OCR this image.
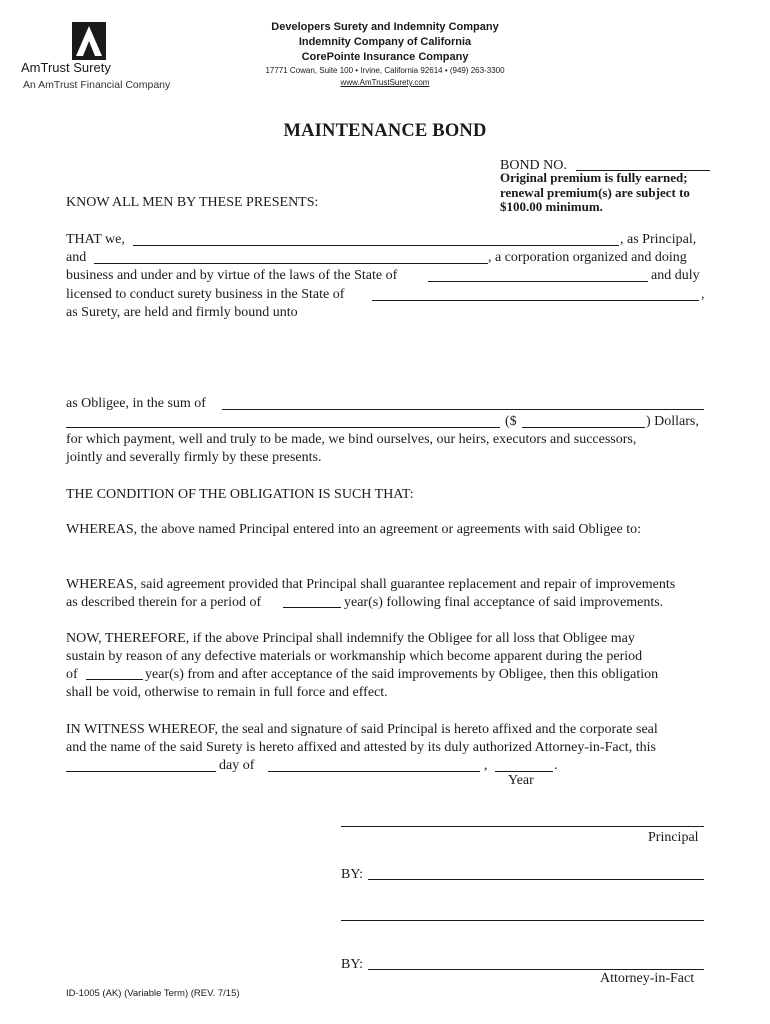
AmTrust Surety
An AmTrust Financial Company

Developers Surety and Indemnity Company

Indemnity Company of California

CorePointe Insurance Company

17771 Cowan, Suite 100 • Irvine, California 92614 • (949) 263-3300

www.AmTrustSurety.com

MAINTENANCE BOND
BOND NO.
Original premium is fully earned;
renewal premium(s) are subject to
$100.00 minimum.
KNOW ALL MEN BY THESE PRESENTS:
THAT we,	, as Principal,
and	, a corporation organized and doing
business and under and by virtue of the laws of the State of	and duly
licensed to conduct surety business in the State of	,
as Surety, are held and firmly bound unto
as Obligee, in the sum of
($	) Dollars,
for which payment, well and truly to be made, we bind ourselves, our heirs, executors and successors,
jointly and severally firmly by these presents.
THE CONDITION OF THE OBLIGATION IS SUCH THAT:
WHEREAS, the above named Principal entered into an agreement or agreements with said Obligee to:
WHEREAS, said agreement provided that Principal shall guarantee replacement and repair of improvements
as described therein for a period of	year(s) following final acceptance of said improvements.
NOW, THEREFORE, if the above Principal shall indemnify the Obligee for all loss that Obligee may
sustain by reason of any defective materials or workmanship which become apparent during the period
of	year(s) from and after acceptance of the said improvements by Obligee, then this obligation
shall be void, otherwise to remain in full force and effect.
IN WITNESS WHEREOF, the seal and signature of said Principal is hereto affixed and the corporate seal
and the name of the said Surety is hereto affixed and attested by its duly authorized Attorney-in-Fact, this
day of	,	.
Year
Principal
BY:
BY:
Attorney-in-Fact
ID-1005 (AK) (Variable Term) (REV. 7/15)
